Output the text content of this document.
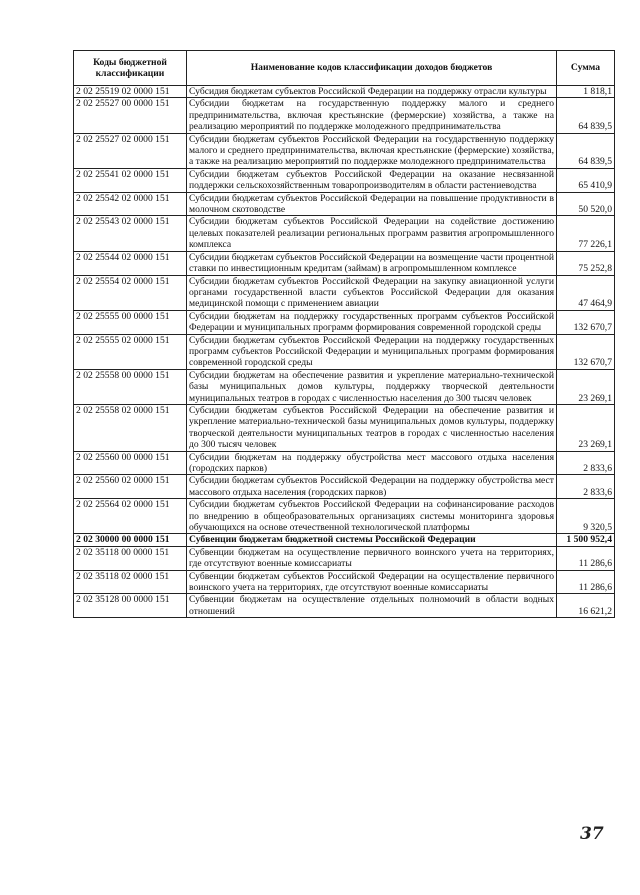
Коды бюджетной классификации	Наименование кодов классификации доходов бюджетов	Сумма
2 02 25519 02 0000 151	Субсидия бюджетам субъектов Российской Федерации на поддержку отрасли культуры	1 818,1
2 02 25527 00 0000 151	Субсидии бюджетам на государственную поддержку малого и среднего предпринимательства, включая крестьянские (фермерские) хозяйства, а также на реализацию мероприятий по поддержке молодежного предпринимательства	64 839,5
2 02 25527 02 0000 151	Субсидии бюджетам субъектов Российской Федерации на государственную поддержку малого и среднего предпринимательства, включая крестьянские (фермерские) хозяйства, а также на реализацию мероприятий по поддержке молодежного предпринимательства	64 839,5
2 02 25541 02 0000 151	Субсидии бюджетам субъектов Российской Федерации на оказание несвязанной поддержки сельскохозяйственным товаропроизводителям в области растениеводства	65 410,9
2 02 25542 02 0000 151	Субсидии бюджетам субъектов Российской Федерации на повышение продуктивности в молочном скотоводстве	50 520,0
2 02 25543 02 0000 151	Субсидии бюджетам субъектов Российской Федерации на содействие достижению целевых показателей реализации региональных программ развития агропромышленного комплекса	77 226,1
2 02 25544 02 0000 151	Субсидии бюджетам субъектов Российской Федерации на возмещение части процентной ставки по инвестиционным кредитам (займам) в агропромышленном комплексе	75 252,8
2 02 25554 02 0000 151	Субсидии бюджетам субъектов Российской Федерации на закупку авиационной услуги органами государственной власти субъектов Российской Федерации для оказания медицинской помощи с применением авиации	47 464,9
2 02 25555 00 0000 151	Субсидии бюджетам на поддержку государственных программ субъектов Российской Федерации и муниципальных программ формирования современной городской среды	132 670,7
2 02 25555 02 0000 151	Субсидии бюджетам субъектов Российской Федерации на поддержку государственных программ субъектов Российской Федерации и муниципальных программ формирования современной городской среды	132 670,7
2 02 25558 00 0000 151	Субсидии бюджетам на обеспечение развития и укрепление материально-технической базы муниципальных домов культуры, поддержку творческой деятельности муниципальных театров в городах с численностью населения до 300 тысяч человек	23 269,1
2 02 25558 02 0000 151	Субсидии бюджетам субъектов Российской Федерации на обеспечение развития и укрепление материально-технической базы муниципальных домов культуры, поддержку творческой деятельности муниципальных театров в городах с численностью населения до 300 тысяч человек	23 269,1
2 02 25560 00 0000 151	Субсидии бюджетам на поддержку обустройства мест массового отдыха населения (городских парков)	2 833,6
2 02 25560 02 0000 151	Субсидии бюджетам субъектов Российской Федерации на поддержку обустройства мест массового отдыха населения (городских парков)	2 833,6
2 02 25564 02 0000 151	Субсидии бюджетам субъектов Российской Федерации на софинансирование расходов по внедрению в общеобразовательных организациях системы мониторинга здоровья обучающихся на основе отечественной технологической платформы	9 320,5
2 02 30000 00 0000 151	Субвенции бюджетам бюджетной системы Российской Федерации	1 500 952,4
2 02 35118 00 0000 151	Субвенции бюджетам на осуществление первичного воинского учета на территориях, где отсутствуют военные комиссариаты	11 286,6
2 02 35118 02 0000 151	Субвенции бюджетам субъектов Российской Федерации на осуществление первичного воинского учета на территориях, где отсутствуют военные комиссариаты	11 286,6
2 02 35128 00 0000 151	Субвенции бюджетам на осуществление отдельных полномочий в области водных отношений	16 621,2
37
